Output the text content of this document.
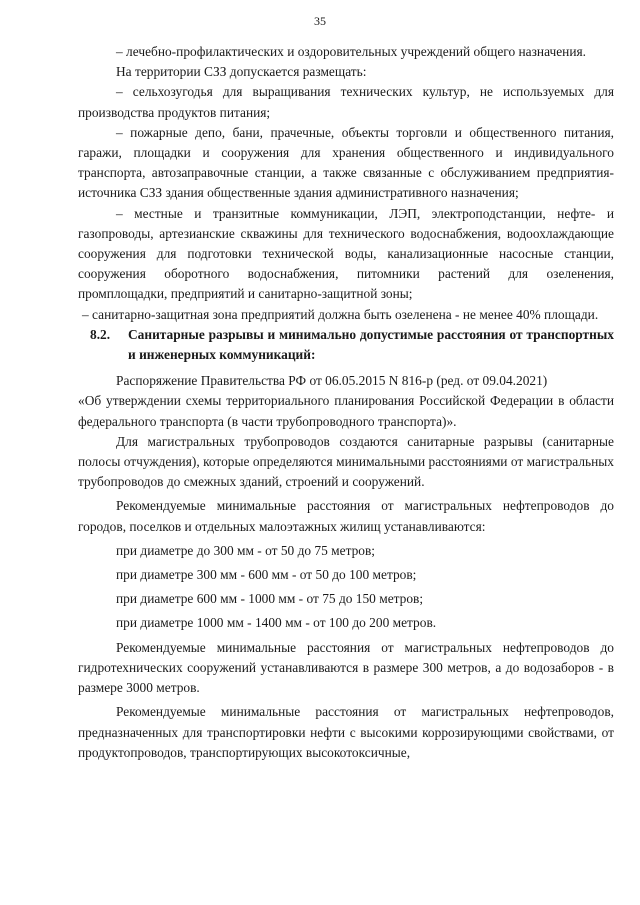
35

– лечебно-профилактических и оздоровительных учреждений общего назначения.

На территории СЗЗ допускается размещать:

– сельхозугодья для выращивания технических культур, не используемых для производства продуктов питания;

– пожарные депо, бани, прачечные, объекты торговли и общественного питания, гаражи, площадки и сооружения для хранения общественного и индивидуального транспорта, автозаправочные станции, а также связанные с обслуживанием предприятия-источника СЗЗ здания общественные здания административного назначения;

– местные и транзитные коммуникации, ЛЭП, электроподстанции, нефте- и газопроводы, артезианские скважины для технического водоснабжения, водоохлаждающие сооружения для подготовки технической воды, канализационные насосные станции, сооружения оборотного водоснабжения, питомники растений для озеленения, промплощадки, предприятий и санитарно-защитной зоны;

– санитарно-защитная зона предприятий должна быть озеленена - не менее 40% площади.

8.2. Санитарные разрывы и минимально допустимые расстояния от транспортных и инженерных коммуникаций:

Распоряжение Правительства РФ от 06.05.2015 N 816-р (ред. от 09.04.2021)

«Об утверждении схемы территориального планирования Российской Федерации в области федерального транспорта (в части трубопроводного транспорта)».

Для магистральных трубопроводов создаются санитарные разрывы (санитарные полосы отчуждения), которые определяются минимальными расстояниями от магистральных трубопроводов до смежных зданий, строений и сооружений.

Рекомендуемые минимальные расстояния от магистральных нефтепроводов до городов, поселков и отдельных малоэтажных жилищ устанавливаются:

при диаметре до 300 мм - от 50 до 75 метров;

при диаметре 300 мм - 600 мм - от 50 до 100 метров;

при диаметре 600 мм - 1000 мм - от 75 до 150 метров;

при диаметре 1000 мм - 1400 мм - от 100 до 200 метров.

Рекомендуемые минимальные расстояния от магистральных нефтепроводов до гидротехнических сооружений устанавливаются в размере 300 метров, а до водозаборов - в размере 3000 метров.

Рекомендуемые минимальные расстояния от магистральных нефтепроводов, предназначенных для транспортировки нефти с высокими коррозирующими свойствами, от продуктопроводов, транспортирующих высокотоксичные,
